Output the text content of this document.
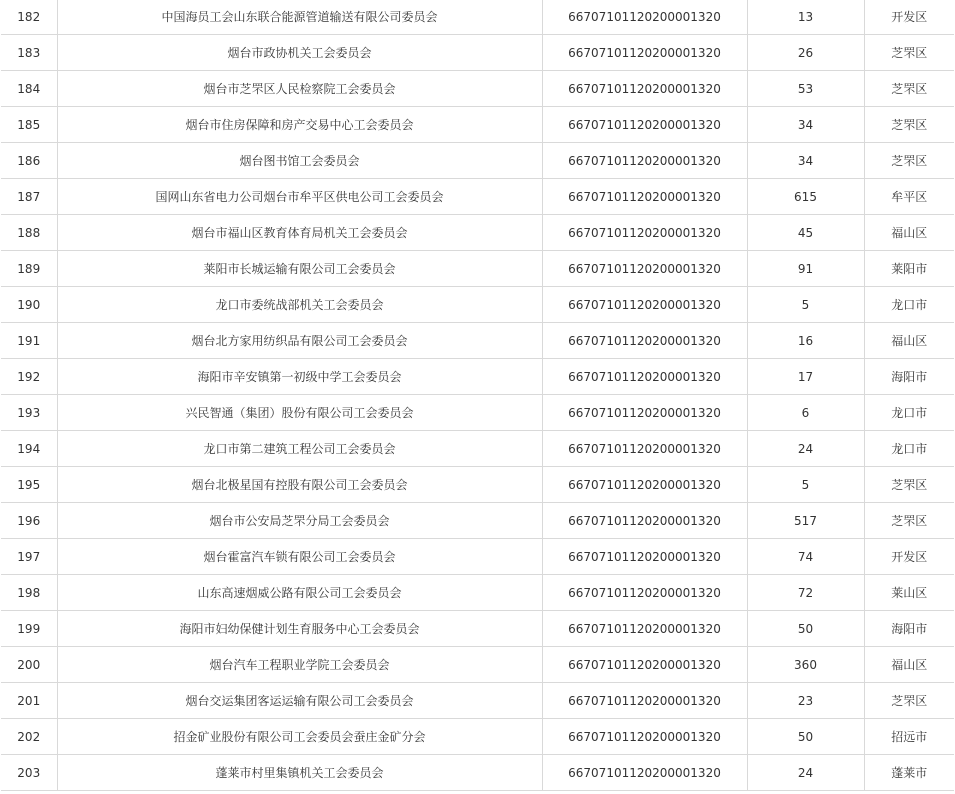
182	中国海员工会山东联合能源管道输送有限公司委员会	66707101120200001320	13	开发区
183	烟台市政协机关工会委员会	66707101120200001320	26	芝罘区
184	烟台市芝罘区人民检察院工会委员会	66707101120200001320	53	芝罘区
185	烟台市住房保障和房产交易中心工会委员会	66707101120200001320	34	芝罘区
186	烟台图书馆工会委员会	66707101120200001320	34	芝罘区
187	国网山东省电力公司烟台市牟平区供电公司工会委员会	66707101120200001320	615	牟平区
188	烟台市福山区教育体育局机关工会委员会	66707101120200001320	45	福山区
189	莱阳市长城运输有限公司工会委员会	66707101120200001320	91	莱阳市
190	龙口市委统战部机关工会委员会	66707101120200001320	5	龙口市
191	烟台北方家用纺织品有限公司工会委员会	66707101120200001320	16	福山区
192	海阳市辛安镇第一初级中学工会委员会	66707101120200001320	17	海阳市
193	兴民智通（集团）股份有限公司工会委员会	66707101120200001320	6	龙口市
194	龙口市第二建筑工程公司工会委员会	66707101120200001320	24	龙口市
195	烟台北极星国有控股有限公司工会委员会	66707101120200001320	5	芝罘区
196	烟台市公安局芝罘分局工会委员会	66707101120200001320	517	芝罘区
197	烟台霍富汽车锁有限公司工会委员会	66707101120200001320	74	开发区
198	山东高速烟威公路有限公司工会委员会	66707101120200001320	72	莱山区
199	海阳市妇幼保健计划生育服务中心工会委员会	66707101120200001320	50	海阳市
200	烟台汽车工程职业学院工会委员会	66707101120200001320	360	福山区
201	烟台交运集团客运运输有限公司工会委员会	66707101120200001320	23	芝罘区
202	招金矿业股份有限公司工会委员会蚕庄金矿分会	66707101120200001320	50	招远市
203	蓬莱市村里集镇机关工会委员会	66707101120200001320	24	蓬莱市
